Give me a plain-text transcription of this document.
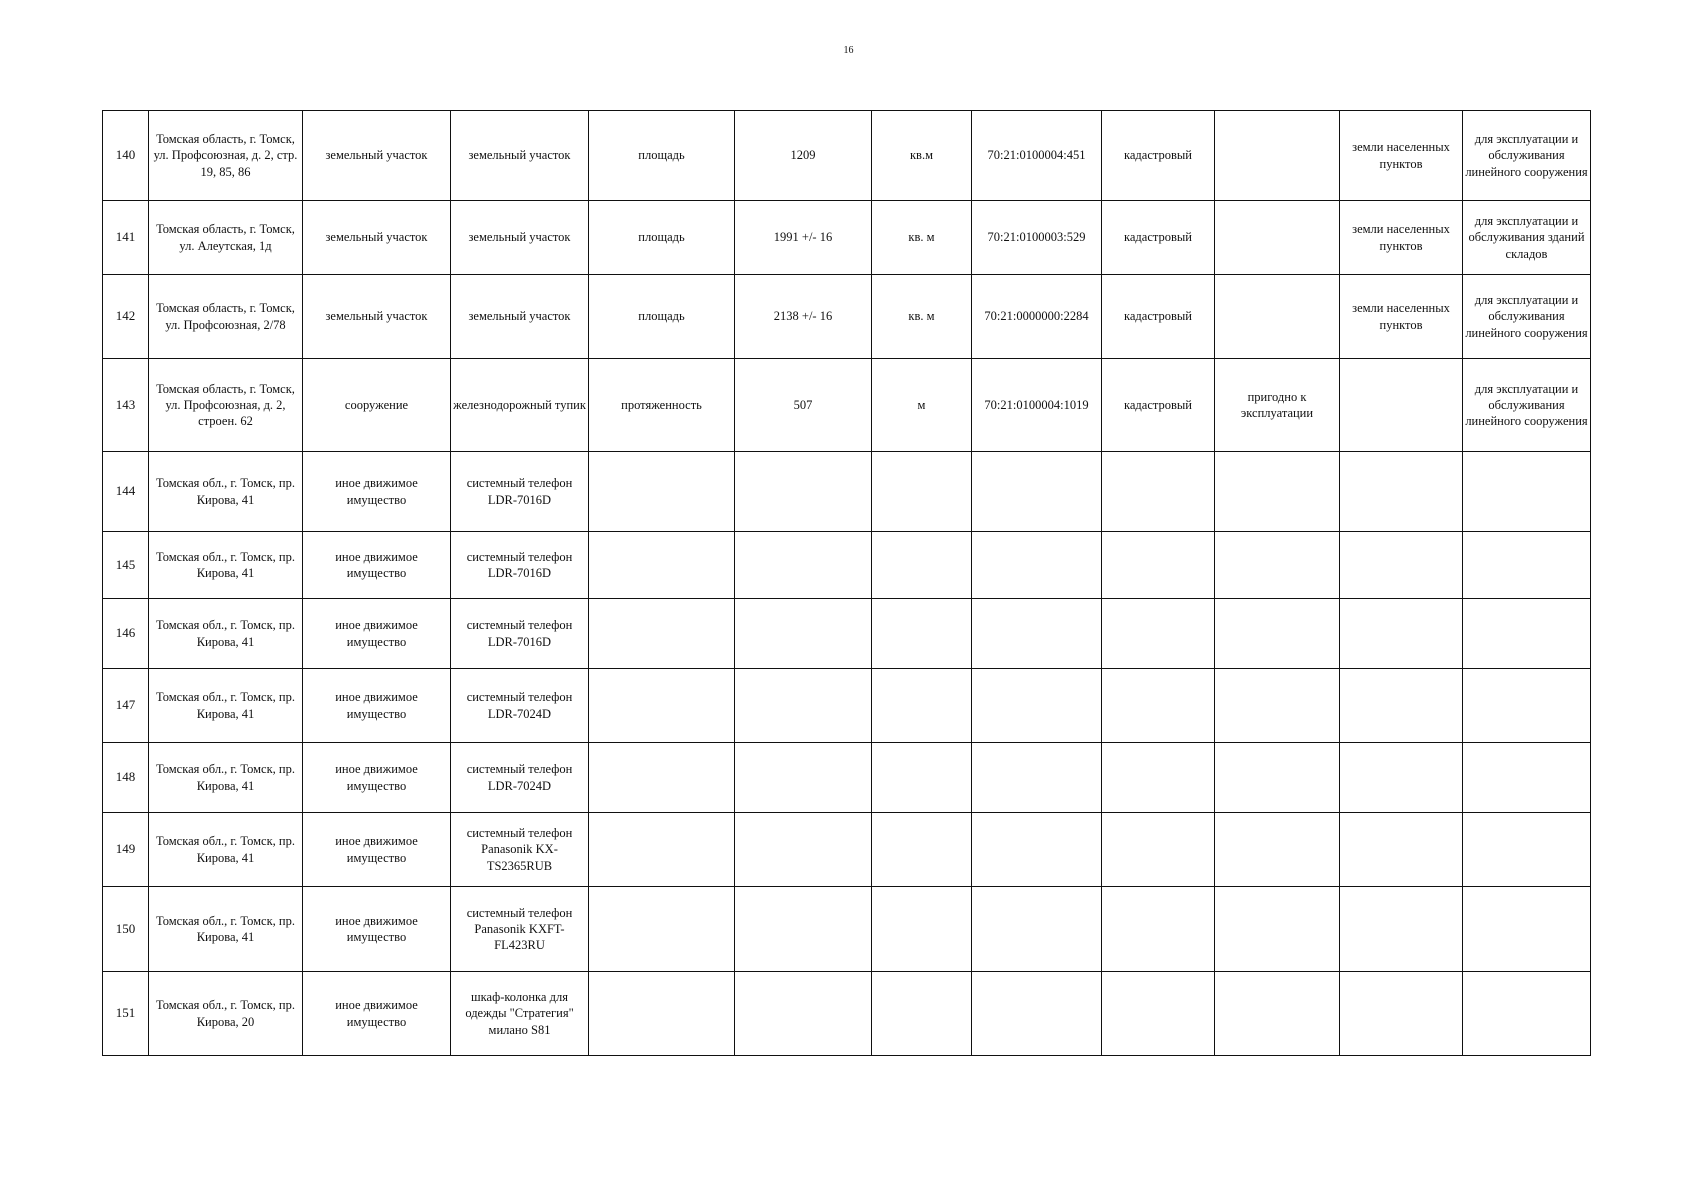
16
140	Томская область, г. Томск, ул. Профсоюзная, д. 2, стр. 19, 85, 86	земельный участок	земельный участок	площадь	1209	кв.м	70:21:0100004:451	кадастровый		земли населенных пунктов	для эксплуатации и обслуживания линейного сооружения
141	Томская область, г. Томск, ул. Алеутская, 1д	земельный участок	земельный участок	площадь	1991 +/- 16	кв. м	70:21:0100003:529	кадастровый		земли населенных пунктов	для эксплуатации и обслуживания зданий складов
142	Томская область, г. Томск, ул. Профсоюзная, 2/78	земельный участок	земельный участок	площадь	2138 +/- 16	кв. м	70:21:0000000:2284	кадастровый		земли населенных пунктов	для эксплуатации и обслуживания линейного сооружения
143	Томская область, г. Томск, ул. Профсоюзная, д. 2, строен. 62	сооружение	железнодорожный тупик	протяженность	507	м	70:21:0100004:1019	кадастровый	пригодно к эксплуатации		для эксплуатации и обслуживания линейного сооружения
144	Томская обл., г. Томск, пр. Кирова, 41	иное движимое имущество	системный телефон LDR-7016D								
145	Томская обл., г. Томск, пр. Кирова, 41	иное движимое имущество	системный телефон LDR-7016D								
146	Томская обл., г. Томск, пр. Кирова, 41	иное движимое имущество	системный телефон LDR-7016D								
147	Томская обл., г. Томск, пр. Кирова, 41	иное движимое имущество	системный телефон LDR-7024D								
148	Томская обл., г. Томск, пр. Кирова, 41	иное движимое имущество	системный телефон LDR-7024D								
149	Томская обл., г. Томск, пр. Кирова, 41	иное движимое имущество	системный телефон Panasonik KX-TS2365RUB								
150	Томская обл., г. Томск, пр. Кирова, 41	иное движимое имущество	системный телефон Panasonik KXFT-FL423RU								
151	Томская обл., г. Томск, пр. Кирова, 20	иное движимое имущество	шкаф-колонка для одежды "Стратегия" милано S81								
